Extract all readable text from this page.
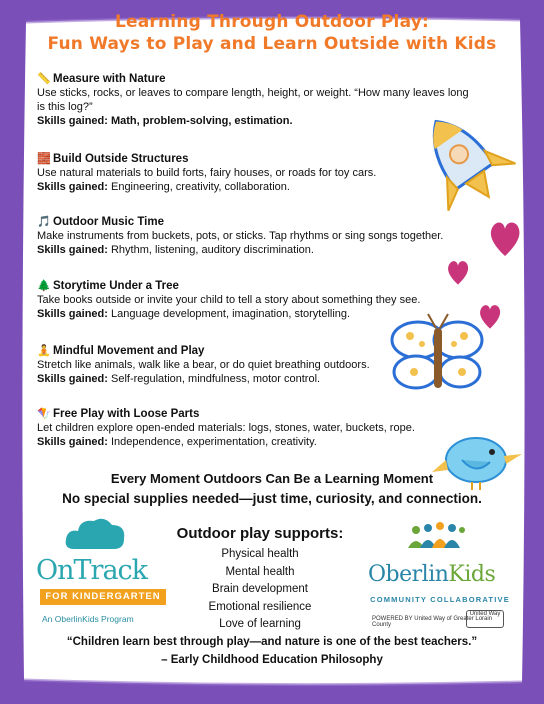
Learning Through Outdoor Play:
Fun Ways to Play and Learn Outside with Kids
📏 Measure with Nature
Use sticks, rocks, or leaves to compare length, height, or weight. “How many leaves long is this log?”
Skills gained: Math, problem-solving, estimation.
🧱 Build Outside Structures
Use natural materials to build forts, fairy houses, or roads for toy cars.
Skills gained: Engineering, creativity, collaboration.
🎵 Outdoor Music Time
Make instruments from buckets, pots, or sticks. Tap rhythms or sing songs together.
Skills gained: Rhythm, listening, auditory discrimination.
🌲 Storytime Under a Tree
Take books outside or invite your child to tell a story about something they see.
Skills gained: Language development, imagination, storytelling.
🧘 Mindful Movement and Play
Stretch like animals, walk like a bear, or do quiet breathing outdoors.
Skills gained: Self-regulation, mindfulness, motor control.
🪁 Free Play with Loose Parts
Let children explore open-ended materials: logs, stones, water, buckets, rope.
Skills gained: Independence, experimentation, creativity.
Every Moment Outdoors Can Be a Learning Moment
No special supplies needed—just time, curiosity, and connection.
OnTrack
FOR KINDERGARTEN
An OberlinKids Program
Outdoor play supports:
Physical health
Mental health
Brain development
Emotional resilience
Love of learning
OberlinKids
COMMUNITY COLLABORATIVE
POWERED BY United Way of Greater Lorain County
United Way
“Children learn best through play—and nature is one of the best teachers.”
– Early Childhood Education Philosophy
